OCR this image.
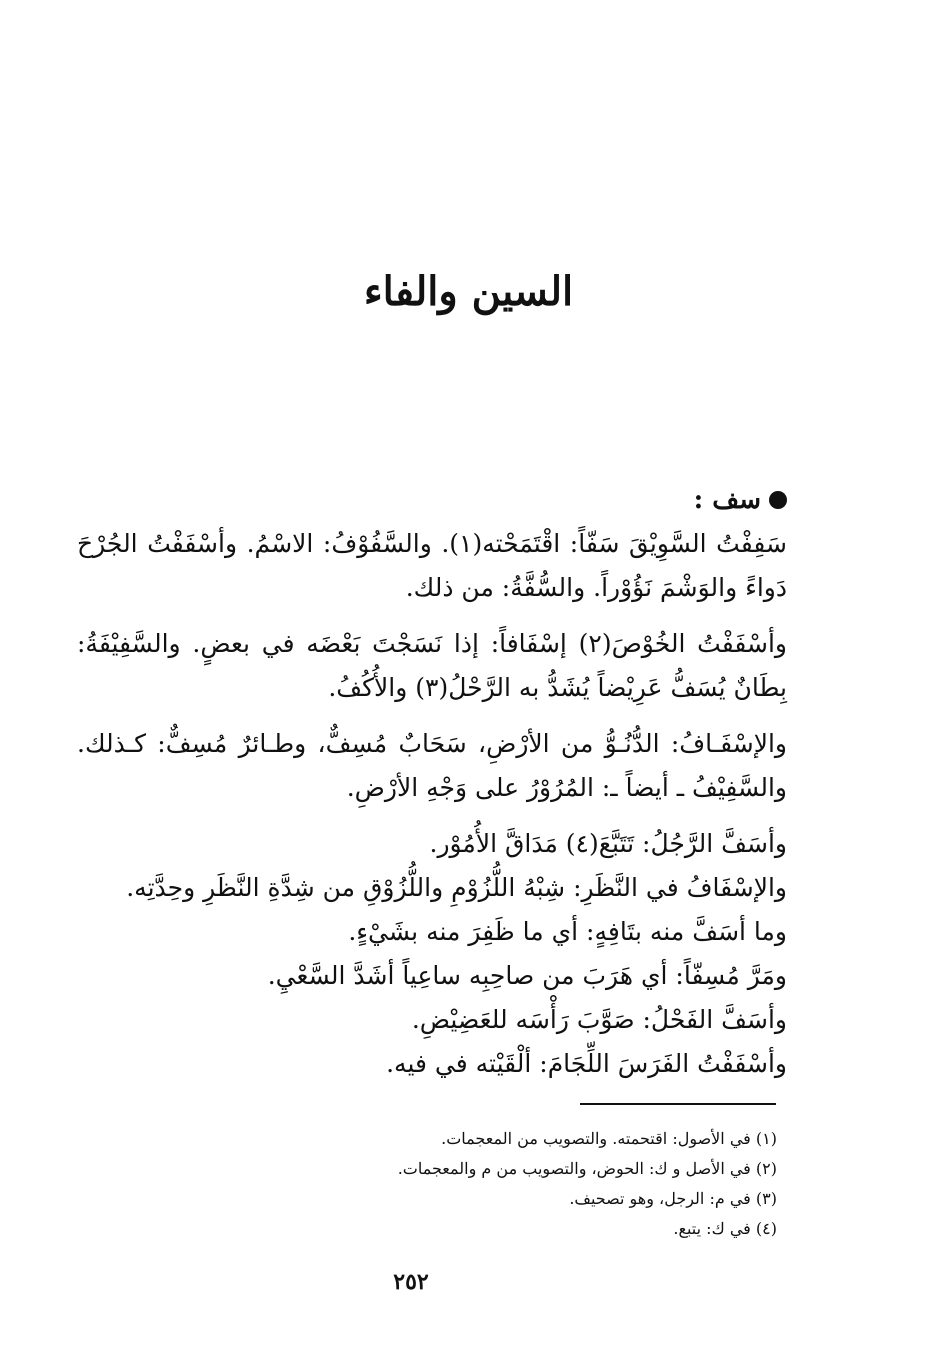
السين والفاء
سف :

سَفِفْتُ السَّوِيْقَ سَفّاً: اقْتَمَحْته(١). والسَّفُوْفُ: الاسْمُ. وأسْفَفْتُ الجُرْحَ دَواءً والوَشْمَ نَؤُوْراً. والسُّفَّةُ: من ذلك.

وأسْفَفْتُ الخُوْصَ(٢) إسْفَافاً: إذا نَسَجْتَ بَعْضَه في بعضٍ. والسَّفِيْفَةُ: بِطَانٌ يُسَفُّ عَرِيْضاً يُشَدُّ به الرَّحْلُ(٣) والأُكُفُ.

والإسْفَـافُ: الدُّنُـوُّ من الأرْضِ، سَحَابٌ مُسِفٌّ، وطـائرٌ مُسِفٌّ: كـذلك. والسَّفِيْفُ ـ أيضاً ـ: المُرُوْرُ على وَجْهِ الأرْضِ.

وأسَفَّ الرَّجُلُ: تَتَبَّعَ(٤) مَدَاقَّ الأُمُوْر.

والإسْفَافُ في النَّظَرِ: شِبْهُ اللُّزُوْمِ واللُّزُوْقِ من شِدَّةِ النَّظَرِ وحِدَّتِه.

وما أسَفَّ منه بتَافِهٍ: أي ما ظَفِرَ منه بشَيْءٍ.

ومَرَّ مُسِفّاً: أي هَرَبَ من صاحِبِه ساعِياً أشَدَّ السَّعْيِ.

وأسَفَّ الفَحْلُ: صَوَّبَ رَأْسَه للعَضِيْضِ.

وأسْفَفْتُ الفَرَسَ اللِّجَامَ: ألْقَيْته في فيه.

(١) في الأصول: اقتحمته. والتصويب من المعجمات.

(٢) في الأصل و ك: الحوض، والتصويب من م والمعجمات.

(٣) في م: الرجل، وهو تصحيف.

(٤) في ك: يتبع.

٢٥٢
